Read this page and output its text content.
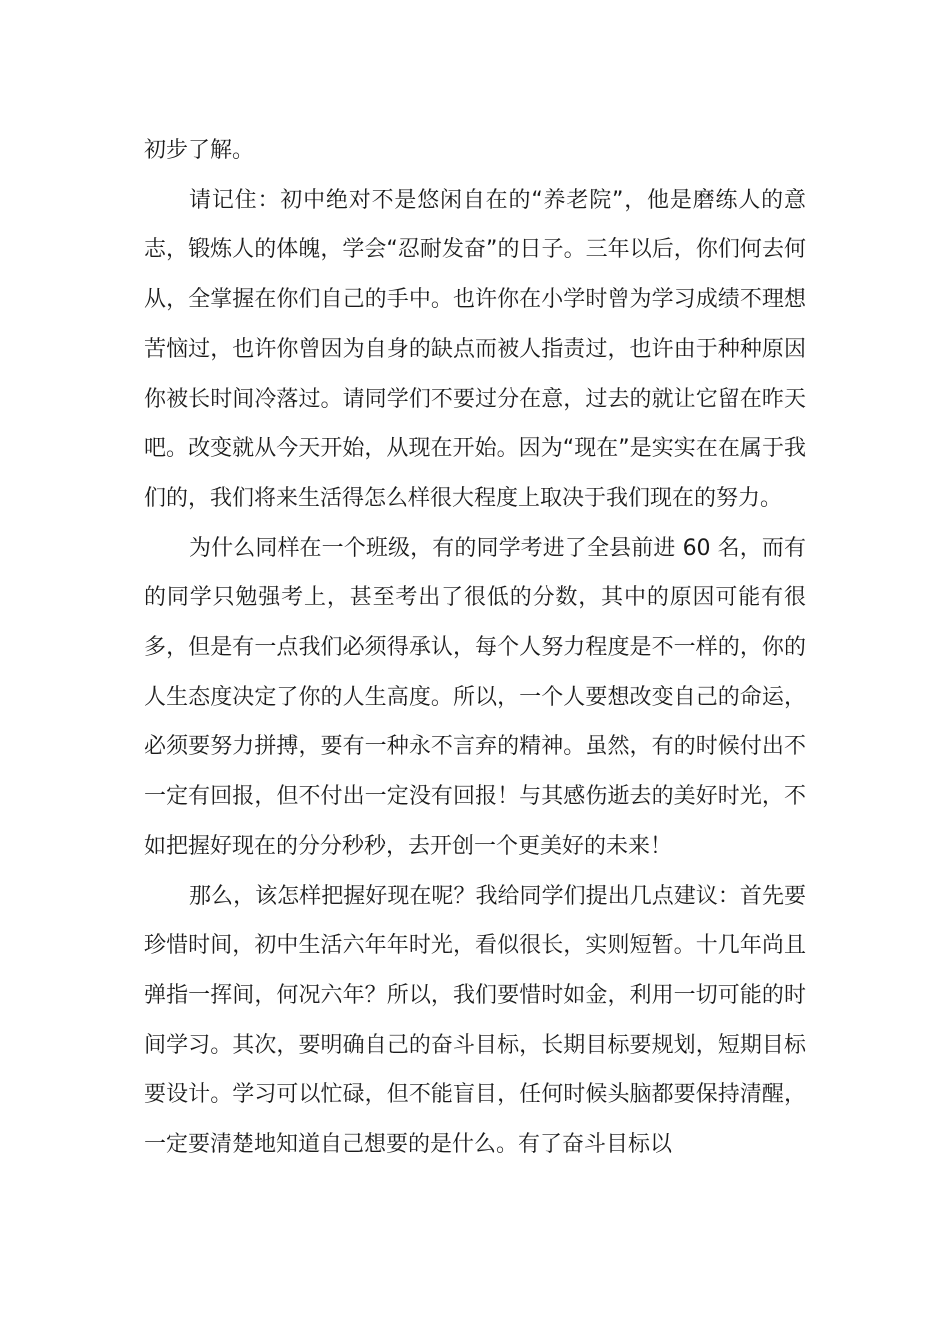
初步了解。

请记住：初中绝对不是悠闲自在的“养老院”，他是磨练人的意志，锻炼人的体魄，学会“忍耐发奋”的日子。三年以后，你们何去何从，全掌握在你们自己的手中。也许你在小学时曾为学习成绩不理想苦恼过，也许你曾因为自身的缺点而被人指责过，也许由于种种原因你被长时间冷落过。请同学们不要过分在意，过去的就让它留在昨天吧。改变就从今天开始，从现在开始。因为“现在”是实实在在属于我们的，我们将来生活得怎么样很大程度上取决于我们现在的努力。

为什么同样在一个班级，有的同学考进了全县前进 60 名，而有的同学只勉强考上，甚至考出了很低的分数，其中的原因可能有很多，但是有一点我们必须得承认，每个人努力程度是不一样的，你的人生态度决定了你的人生高度。所以，一个人要想改变自己的命运，必须要努力拼搏，要有一种永不言弃的精神。虽然，有的时候付出不一定有回报，但不付出一定没有回报！与其感伤逝去的美好时光，不如把握好现在的分分秒秒，去开创一个更美好的未来！

那么，该怎样把握好现在呢？我给同学们提出几点建议：首先要珍惜时间，初中生活六年年时光，看似很长，实则短暂。十几年尚且弹指一挥间，何况六年？所以，我们要惜时如金，利用一切可能的时间学习。其次，要明确自己的奋斗目标，长期目标要规划，短期目标要设计。学习可以忙碌，但不能盲目，任何时候头脑都要保持清醒，一定要清楚地知道自己想要的是什么。有了奋斗目标以
